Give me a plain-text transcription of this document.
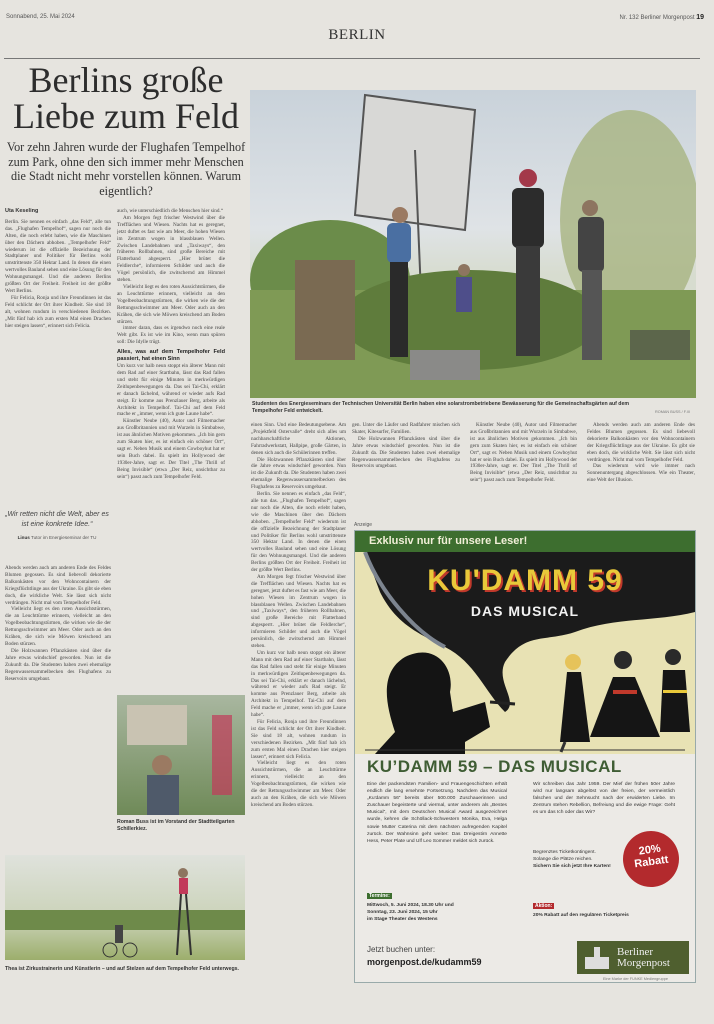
Sonnabend, 25. Mai 2024
BERLIN
Nr. 132 Berliner Morgenpost 19
Berlins große Liebe zum Feld
Vor zehn Jahren wurde der Flughafen Tempelhof zum Park, ohne den sich immer mehr Menschen die Stadt nicht mehr vorstellen können. Warum eigentlich?
Studenten des Energieseminars der Technischen Universität Berlin haben eine solarstrombetriebene Bewässerung für die Gemeinschaftsgärten auf dem Tempelhofer Feld entwickelt.	ROMAN BUSS / F.III
Uta Keseling

Berlin. Sie nennen es einfach „das Feld“, alle tun das. „Flughafen Tempelhof“, sagen nur noch die Alten, die noch erlebt haben, wie die Maschinen über den Dächern abhoben. „Tempelhofer Feld“ wiederum ist die offizielle Bezeichnung der Stadtplaner und Politiker für Berlins wohl umstrittenste 350 Hektar Land. In denen die einen wertvolles Bauland sehen und eine Lösung für den Wohnungsmangel. Und die anderen Berlins größten Ort der Freiheit. Freiheit ist der größte Wert Berlins.

Für Felicia, Ronja und ihre Freundinnen ist das Feld schlicht der Ort ihrer Kindheit. Sie sind 18 alt, wohnen rundum in verschiedenen Bezirken. „Mit fünf hab ich zum ersten Mal einen Drachen hier steigen lassen“, erinnert sich Felicia.

„Wir retten nicht die Welt, aber es ist eine konkrete Idee.“
Linus Tutor im Energieseminar der TU

Abends werden auch am anderen Ende des Feldes Blumen gegossen. Es sind liebevoll dekorierte Balkonkästen vor den Wohncontainern der Kriegsflüchtlinge aus der Ukraine. Es gibt sie eben doch, die wirkliche Welt. Sie lässt sich nicht verdrängen. Nicht mal vom Tempelhofer Feld.

Vielleicht liegt es den roten Aussichtstürmen, die an Leuchttürme erinnern, vielleicht an den Vogelbeobachtungstürmen, die wirken wie die der Rettungsschwimmer am Meer. Oder auch an den Krähen, die sich wie Möwen kreischend am Boden stürzen.

Die Holzwannen Pflanzkästen sind über die Jahre etwas windschief geworden. Nun ist die Zukunft da. Die Studenten haben zwei ehemalige Regenwassersammelbecken des Flughafens zu Reservoirs umgebaut.

auch, wie unterschiedlich die Menschen hier sind.“

Am Morgen fegt frischer Westwind über die Trefflächen und Wiesen. Nachts hat es geregnet, jetzt duftet es fast wie am Meer, die hohen Wiesen im Zentrum wogen in blassblauen Wellen. Zwischen Landebahnen und „Taxiways“, den früheren Rollbahnen, sind große Bereiche mit Flatterband abgesperrt. „Hier brütet die Feldlerche“, informieren Schilder und auch die Vögel persönlich, die zwitschernd am Himmel stehen.

Vielleicht liegt es den roten Aussichtstürmen, die an Leuchttürme erinnern, vielleicht an den Vogelbeobachtungstürmen, die wirken wie die der Rettungsschwimmer am Meer. Oder auch an den Krähen, die sich wie Möwen kreischend am Boden stürzen.

immer daran, dass es irgendwo noch eine reale Welt gibt. Es ist wie im Kino, wenn man spüren soll: Die Idylle trügt.

Alles, was auf dem Tempelhofer Feld passiert, hat einen Sinn

Um kurz vor halb neun stoppt ein älterer Mann mit dem Rad auf einer Startbahn, lässt das Rad fallen und steht für einige Minuten in merkwürdigen Zeitlupenbewegungen da. Das sei Tai-Chi, erklärt er danach lächelnd, während er wieder aufs Rad steigt. Er komme aus Prenzlauer Berg, arbeite als Architekt in Tempelhof. Tai-Chi auf dem Feld mache er „immer, wenn ich gute Laune habe“.

Künstler Neube (40), Autor und Filmemacher aus Großbritannien und mit Wurzeln in Simbabwe, ist aus ähnlichen Motiven gekommen. „Ich bin gern zum Skaten hier, es ist einfach ein schöner Ort“, sagt er. Neben Musik und einem Cowboyhut hat er sein Buch dabei. Es spielt im Hollywood der 1930er-Jahre, sagt er. Der Titel „The Thrill of Being Invisible“ (etwa „Der Reiz, unsichtbar zu sein“) passt auch zum Tempelhofer Feld.

Roman Buss ist im Vorstand der Stadtteilgarten Schillerkiez.
Thea ist Zirkustrainerin und Künstlerin – und auf Stelzen auf dem Tempelhofer Feld unterwegs.

einen Sinn. Und eine Bedeutungsebene. Am „Projektfeld Ostervalle“ dreht sich alles um nachbarschaftliche Aktionen, Fahrradwerkstatt, Hallpipe, große Gärten, in denen sich auch die Schülerinnen treffen.

Die Holzwannen Pflanzkästen sind über die Jahre etwas windschief geworden. Nun ist die Zukunft da. Die Studenten haben zwei ehemalige Regenwassersammelbecken des Flughafens zu Reservoirs umgebaut.

Berlin. Sie nennen es einfach „das Feld“, alle tun das. „Flughafen Tempelhof“, sagen nur noch die Alten, die noch erlebt haben, wie die Maschinen über den Dächern abhoben. „Tempelhofer Feld“ wiederum ist die offizielle Bezeichnung der Stadtplaner und Politiker für Berlins wohl umstrittenste 350 Hektar Land. In denen die einen wertvolles Bauland sehen und eine Lösung für den Wohnungsmangel. Und die anderen Berlins größten Ort der Freiheit. Freiheit ist der größte Wert Berlins.

Am Morgen fegt frischer Westwind über die Trefflächen und Wiesen. Nachts hat es geregnet, jetzt duftet es fast wie am Meer, die hohen Wiesen im Zentrum wogen in blassblauen Wellen. Zwischen Landebahnen und „Taxiways“, den früheren Rollbahnen, sind große Bereiche mit Flatterband abgesperrt. „Hier brütet die Feldlerche“, informieren Schilder und auch die Vögel persönlich, die zwitschernd am Himmel stehen.

Um kurz vor halb neun stoppt ein älterer Mann mit dem Rad auf einer Startbahn, lässt das Rad fallen und steht für einige Minuten in merkwürdigen Zeitlupenbewegungen da. Das sei Tai-Chi, erklärt er danach lächelnd, während er wieder aufs Rad steigt. Er komme aus Prenzlauer Berg, arbeite als Architekt in Tempelhof. Tai-Chi auf dem Feld mache er „immer, wenn ich gute Laune habe“.

Für Felicia, Ronja und ihre Freundinnen ist das Feld schlicht der Ort ihrer Kindheit. Sie sind 18 alt, wohnen rundum in verschiedenen Bezirken. „Mit fünf hab ich zum ersten Mal einen Drachen hier steigen lassen“, erinnert sich Felicia.

Vielleicht liegt es den roten Aussichtstürmen, die an Leuchttürme erinnern, vielleicht an den Vogelbeobachtungstürmen, die wirken wie die der Rettungsschwimmer am Meer. Oder auch an den Krähen, die sich wie Möwen kreischend am Boden stürzen.

gen. Unter die Läufer und Radfahrer mischen sich Skater, Kitesurfer, Familien.

Die Holzwannen Pflanzkästen sind über die Jahre etwas windschief geworden. Nun ist die Zukunft da. Die Studenten haben zwei ehemalige Regenwassersammelbecken des Flughafens zu Reservoirs umgebaut.

Künstler Neube (40), Autor und Filmemacher aus Großbritannien und mit Wurzeln in Simbabwe, ist aus ähnlichen Motiven gekommen. „Ich bin gern zum Skaten hier, es ist einfach ein schöner Ort“, sagt er. Neben Musik und einem Cowboyhut hat er sein Buch dabei. Es spielt im Hollywood der 1930er-Jahre, sagt er. Der Titel „The Thrill of Being Invisible“ (etwa „Der Reiz, unsichtbar zu sein“) passt auch zum Tempelhofer Feld.

Abends werden auch am anderen Ende des Feldes Blumen gegossen. Es sind liebevoll dekorierte Balkonkästen vor den Wohncontainern der Kriegsflüchtlinge aus der Ukraine. Es gibt sie eben doch, die wirkliche Welt. Sie lässt sich nicht verdrängen. Nicht mal vom Tempelhofer Feld.

Das wiederum wird wie immer nach Sonnenuntergang abgeschlossen. Wie ein Theater, eine Welt der Illusion.

Anzeige
Exklusiv nur für unsere Leser!
KU'DAMM 59
DAS MUSICAL
KU’DAMM 59 – DAS MUSICAL
Eine der packendsten Familien- und Frauengeschichten erhält endlich die lang ersehnte Fortsetzung. Nachdem das Musical „Ku'damm 56“ bereits über 500.000 Zuschauerinnen und Zuschauer begeisterte und viermal, unter anderem als „Bestes Musical“, mit dem Deutschen Musical Award ausgezeichnet wurde, kehren die Schöllack-Schwestern Monika, Eva, Helga sowie Mutter Caterina mit dem nächsten aufregenden Kapitel zurück. Der Wahnsinn geht weiter: Das Dreigestirn Annette Hess, Peter Plate und Ulf Leo Sommer meldet sich zurück.
Wir schreiben das Jahr 1959. Der Mief der frühen 50er Jahre wird nur langsam abgelöst von der freien, der vermeintlich falschen und der Sehnsucht nach der erwiderten Liebe. Im Zentrum stehen Rebellion, Befreiung und die ewige Frage: Geht es um das Ich oder das Wir?
Begrenztes Ticketkontingent.
Solange die Plätze reichen.
Sichern Sie sich jetzt Ihre Karten!
20%
Rabatt
Termine:
Mittwoch, 5. Juni 2024, 18.30 Uhr und
Sonntag, 23. Juni 2024, 15 Uhr
im Stage Theater des Westens
Aktion:
20% Rabatt auf den regulären Ticketpreis
Jetzt buchen unter:
morgenpost.de/kudamm59
Berliner
Morgenpost
Eine Marke der FUNKE Mediengruppe
